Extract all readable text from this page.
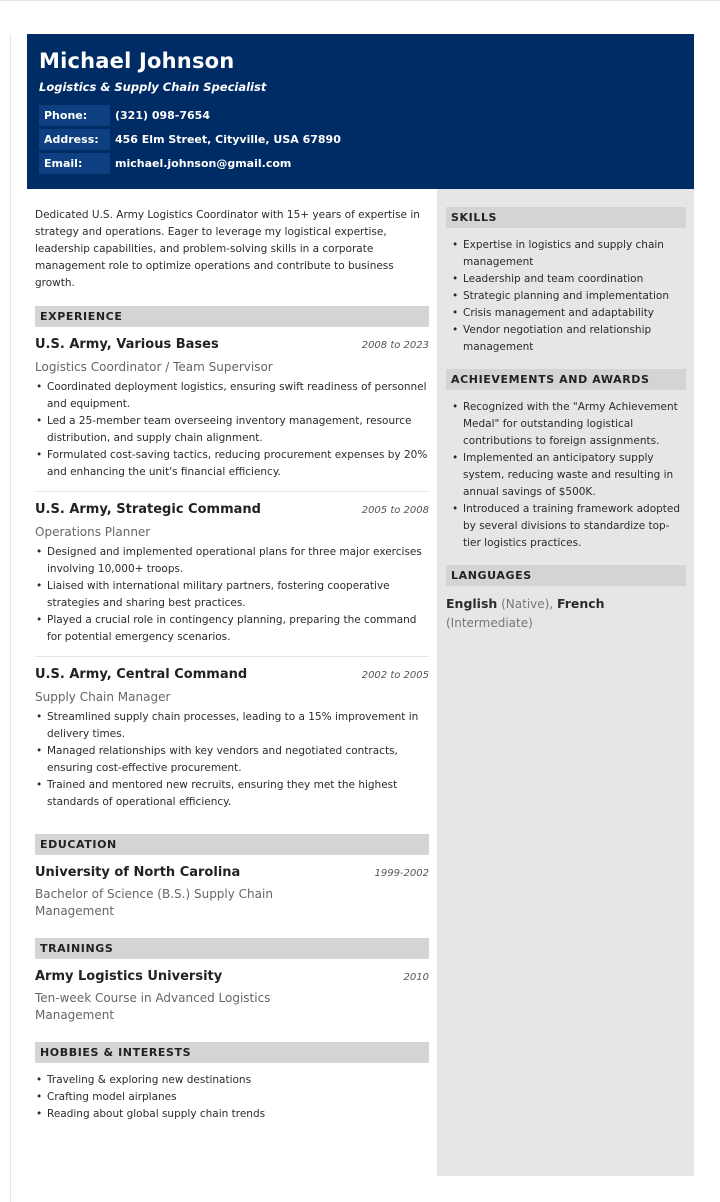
Michael Johnson
Logistics & Supply Chain Specialist
Phone:	(321) 098-7654
Address:	456 Elm Street, Cityville, USA 67890
Email:	michael.johnson@gmail.com

Dedicated U.S. Army Logistics Coordinator with 15+ years of expertise in strategy and operations. Eager to leverage my logistical expertise, leadership capabilities, and problem-solving skills in a corporate management role to optimize operations and contribute to business growth.

EXPERIENCE
U.S. Army, Various Bases	2008 to 2023
Logistics Coordinator / Team Supervisor
• Coordinated deployment logistics, ensuring swift readiness of personnel and equipment.
• Led a 25-member team overseeing inventory management, resource distribution, and supply chain alignment.
• Formulated cost-saving tactics, reducing procurement expenses by 20% and enhancing the unit's financial efficiency.
U.S. Army, Strategic Command	2005 to 2008
Operations Planner
• Designed and implemented operational plans for three major exercises involving 10,000+ troops.
• Liaised with international military partners, fostering cooperative strategies and sharing best practices.
• Played a crucial role in contingency planning, preparing the command for potential emergency scenarios.
U.S. Army, Central Command	2002 to 2005
Supply Chain Manager
• Streamlined supply chain processes, leading to a 15% improvement in delivery times.
• Managed relationships with key vendors and negotiated contracts, ensuring cost-effective procurement.
• Trained and mentored new recruits, ensuring they met the highest standards of operational efficiency.
EDUCATION
University of North Carolina	1999-2002
Bachelor of Science (B.S.) Supply Chain Management
TRAININGS
Army Logistics University	2010
Ten-week Course in Advanced Logistics Management
HOBBIES & INTERESTS
• Traveling & exploring new destinations
• Crafting model airplanes
• Reading about global supply chain trends
SKILLS
• Expertise in logistics and supply chain management
• Leadership and team coordination
• Strategic planning and implementation
• Crisis management and adaptability
• Vendor negotiation and relationship management
ACHIEVEMENTS AND AWARDS
• Recognized with the "Army Achievement Medal" for outstanding logistical contributions to foreign assignments.
• Implemented an anticipatory supply system, reducing waste and resulting in annual savings of $500K.
• Introduced a training framework adopted by several divisions to standardize top-tier logistics practices.
LANGUAGES
English (Native), French (Intermediate)
